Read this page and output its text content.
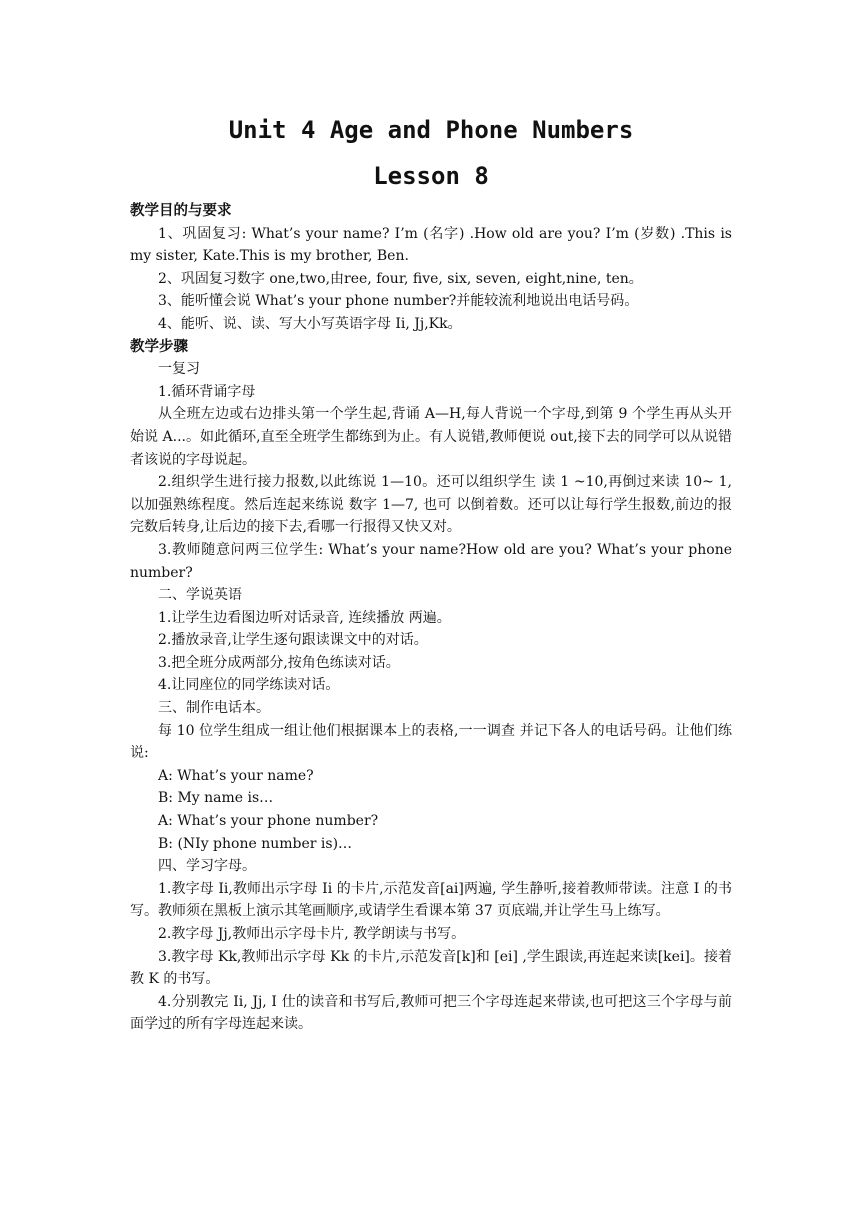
Unit 4 Age and Phone Numbers
Lesson 8

教学目的与要求

1、巩固复习: What’s your name? I’m (名字) .How old are you? I’m (岁数) .This is my sister, Kate.This is my brother, Ben.

2、巩固复习数字 one,two,由ree, four, five, six, seven, eight,nine, ten。

3、能听懂会说 What’s your phone number?并能较流利地说出电话号码。

4、能听、说、读、写大小写英语字母 Ii, Jj,Kk。

教学步骤

一复习

1.循环背诵字母

从全班左边或右边排头第一个学生起,背诵 A—H,每人背说一个字母,到第 9 个学生再从头开始说 A...。如此循环,直至全班学生都练到为止。有人说错,教师便说 out,接下去的同学可以从说错者该说的字母说起。

2.组织学生进行接力报数,以此练说 1—10。还可以组织学生 读 1 ~10,再倒过来读 10~ 1,以加强熟练程度。然后连起来练说 数字 1—7, 也可 以倒着数。还可以让每行学生报数,前边的报完数后转身,让后边的接下去,看哪一行报得又快又对。

3.教师随意问两三位学生: What’s your name?How old are you? What’s your phone number?

二、学说英语

1.让学生边看图边听对话录音, 连续播放 两遍。

2.播放录音,让学生逐句跟读课文中的对话。

3.把全班分成两部分,按角色练读对话。

4.让同座位的同学练读对话。

三、制作电话本。

每 10 位学生组成一组让他们根据课本上的表格,一一调查 并记下各人的电话号码。让他们练说:

A: What’s your name?

B: My name is…

A: What’s your phone number?

B: (NIy phone number is)…

四、学习字母。

1.教字母 Ii,教师出示字母 Ii 的卡片,示范发音[ai]两遍, 学生静听,接着教师带读。注意 I 的书写。教师须在黑板上演示其笔画顺序,或请学生看课本第 37 页底端,并让学生马上练写。

2.教字母 Jj,教师出示字母卡片, 教学朗读与书写。

3.教字母 Kk,教师出示字母 Kk 的卡片,示范发音[k]和 [ei] ,学生跟读,再连起来读[kei]。接着教 K 的书写。

4.分别教完 Ii, Jj, I 仕的读音和书写后,教师可把三个字母连起来带读,也可把这三个字母与前面学过的所有字母连起来读。
